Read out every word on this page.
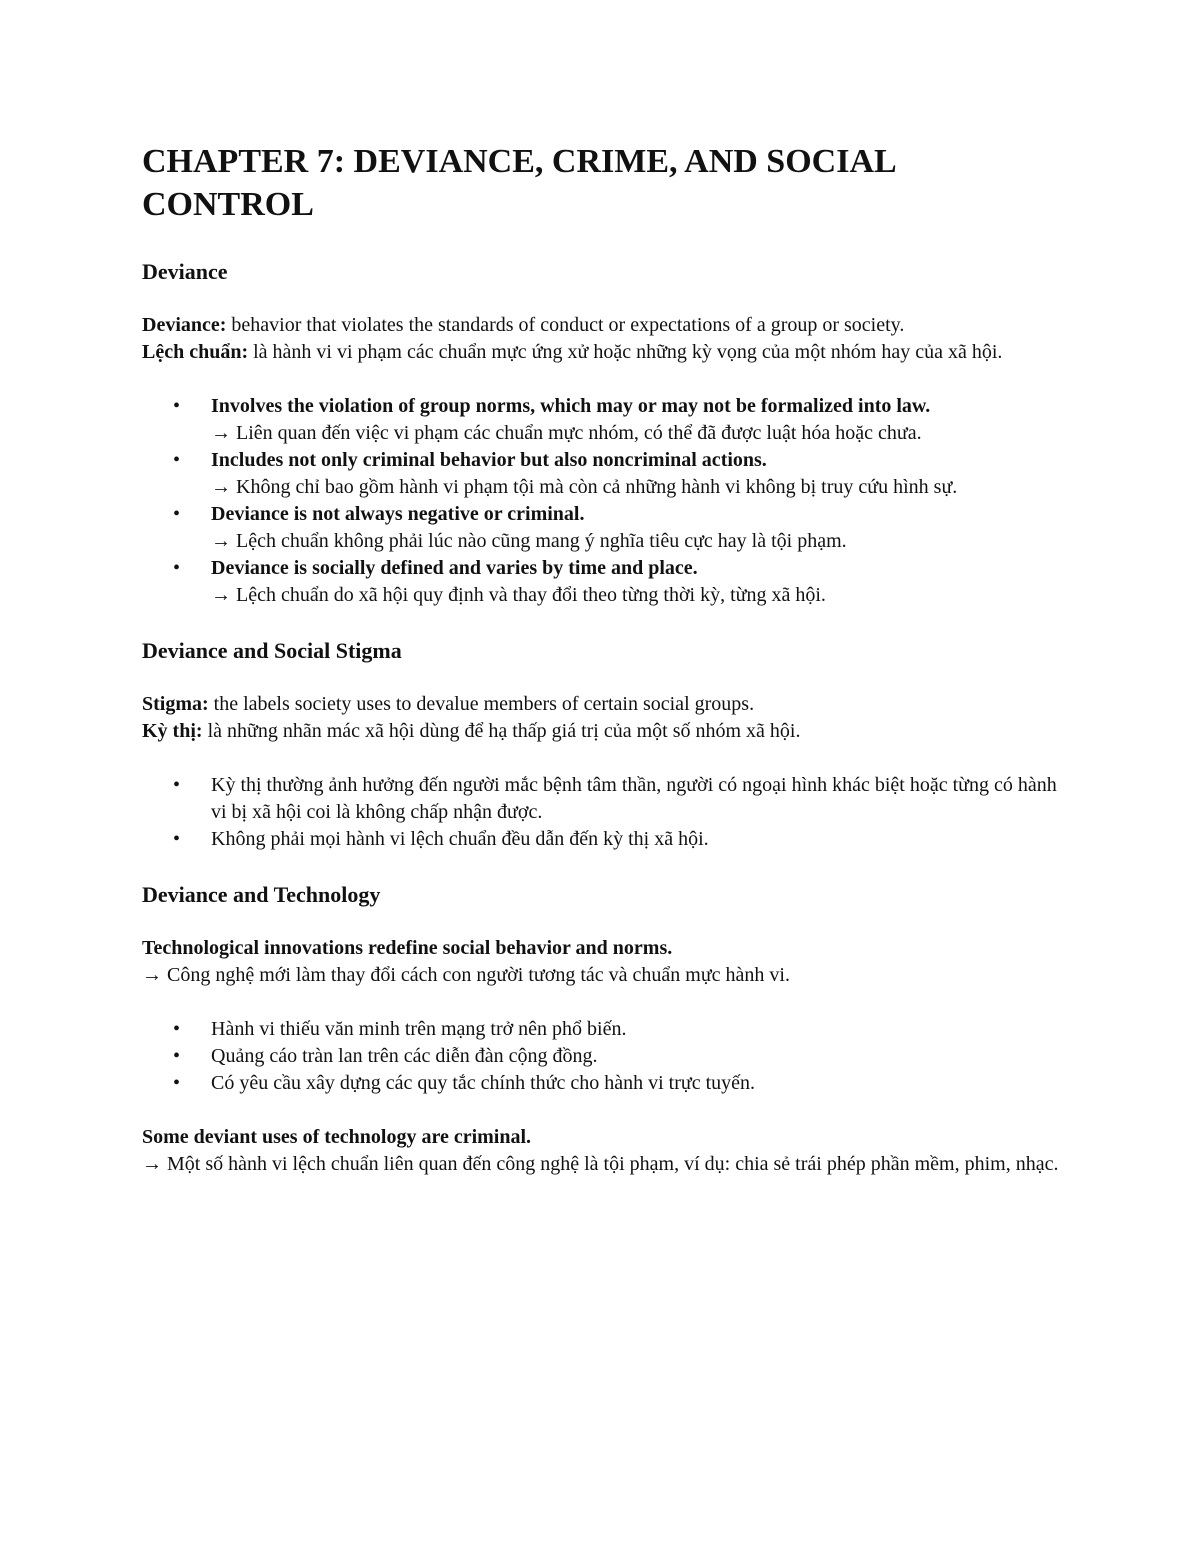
CHAPTER 7: DEVIANCE, CRIME, AND SOCIAL CONTROL
Deviance

Deviance: behavior that violates the standards of conduct or expectations of a group or society.

Lệch chuẩn: là hành vi vi phạm các chuẩn mực ứng xử hoặc những kỳ vọng của một nhóm hay của xã hội.

• Involves the violation of group norms, which may or may not be formalized into law.
→ Liên quan đến việc vi phạm các chuẩn mực nhóm, có thể đã được luật hóa hoặc chưa.
• Includes not only criminal behavior but also noncriminal actions.
→ Không chỉ bao gồm hành vi phạm tội mà còn cả những hành vi không bị truy cứu hình sự.
• Deviance is not always negative or criminal.
→ Lệch chuẩn không phải lúc nào cũng mang ý nghĩa tiêu cực hay là tội phạm.
• Deviance is socially defined and varies by time and place.
→ Lệch chuẩn do xã hội quy định và thay đổi theo từng thời kỳ, từng xã hội.
Deviance and Social Stigma

Stigma: the labels society uses to devalue members of certain social groups.

Kỳ thị: là những nhãn mác xã hội dùng để hạ thấp giá trị của một số nhóm xã hội.

• Kỳ thị thường ảnh hưởng đến người mắc bệnh tâm thần, người có ngoại hình khác biệt hoặc từng có hành vi bị xã hội coi là không chấp nhận được.
• Không phải mọi hành vi lệch chuẩn đều dẫn đến kỳ thị xã hội.
Deviance and Technology

Technological innovations redefine social behavior and norms.

→ Công nghệ mới làm thay đổi cách con người tương tác và chuẩn mực hành vi.

• Hành vi thiếu văn minh trên mạng trở nên phổ biến.
• Quảng cáo tràn lan trên các diễn đàn cộng đồng.
• Có yêu cầu xây dựng các quy tắc chính thức cho hành vi trực tuyến.

Some deviant uses of technology are criminal.

→ Một số hành vi lệch chuẩn liên quan đến công nghệ là tội phạm, ví dụ: chia sẻ trái phép phần mềm, phim, nhạc.
